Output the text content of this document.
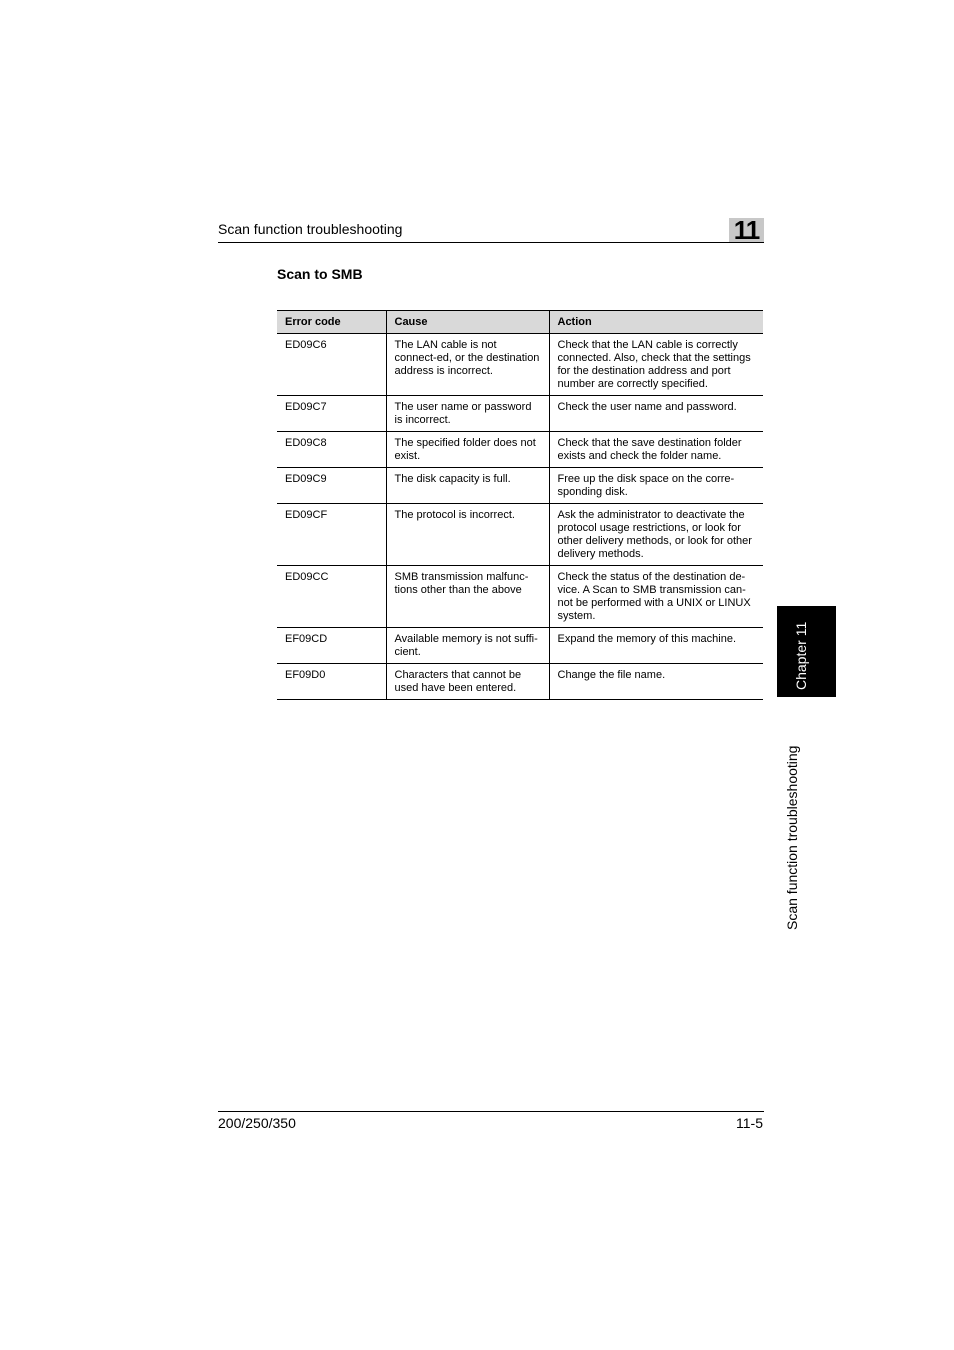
Scan function troubleshooting	11
Scan to SMB
Error code	Cause	Action
ED09C6	The LAN cable is not connect-ed, or the destination address is incorrect.	Check that the LAN cable is correctly connected. Also, check that the settings for the destination address and port number are correctly specified.
ED09C7	The user name or password is incorrect.	Check the user name and password.
ED09C8	The specified folder does not exist.	Check that the save destination folder exists and check the folder name.
ED09C9	The disk capacity is full.	Free up the disk space on the corre-sponding disk.
ED09CF	The protocol is incorrect.	Ask the administrator to deactivate the protocol usage restrictions, or look for other delivery methods, or look for other delivery methods.
ED09CC	SMB transmission malfunc-tions other than the above	Check the status of the destination de-vice. A Scan to SMB transmission can-not be performed with a UNIX or LINUX system.
EF09CD	Available memory is not suffi-cient.	Expand the memory of this machine.
EF09D0	Characters that cannot be used have been entered.	Change the file name.	Chapter 11
Scan function troubleshooting
200/250/350	11-5
